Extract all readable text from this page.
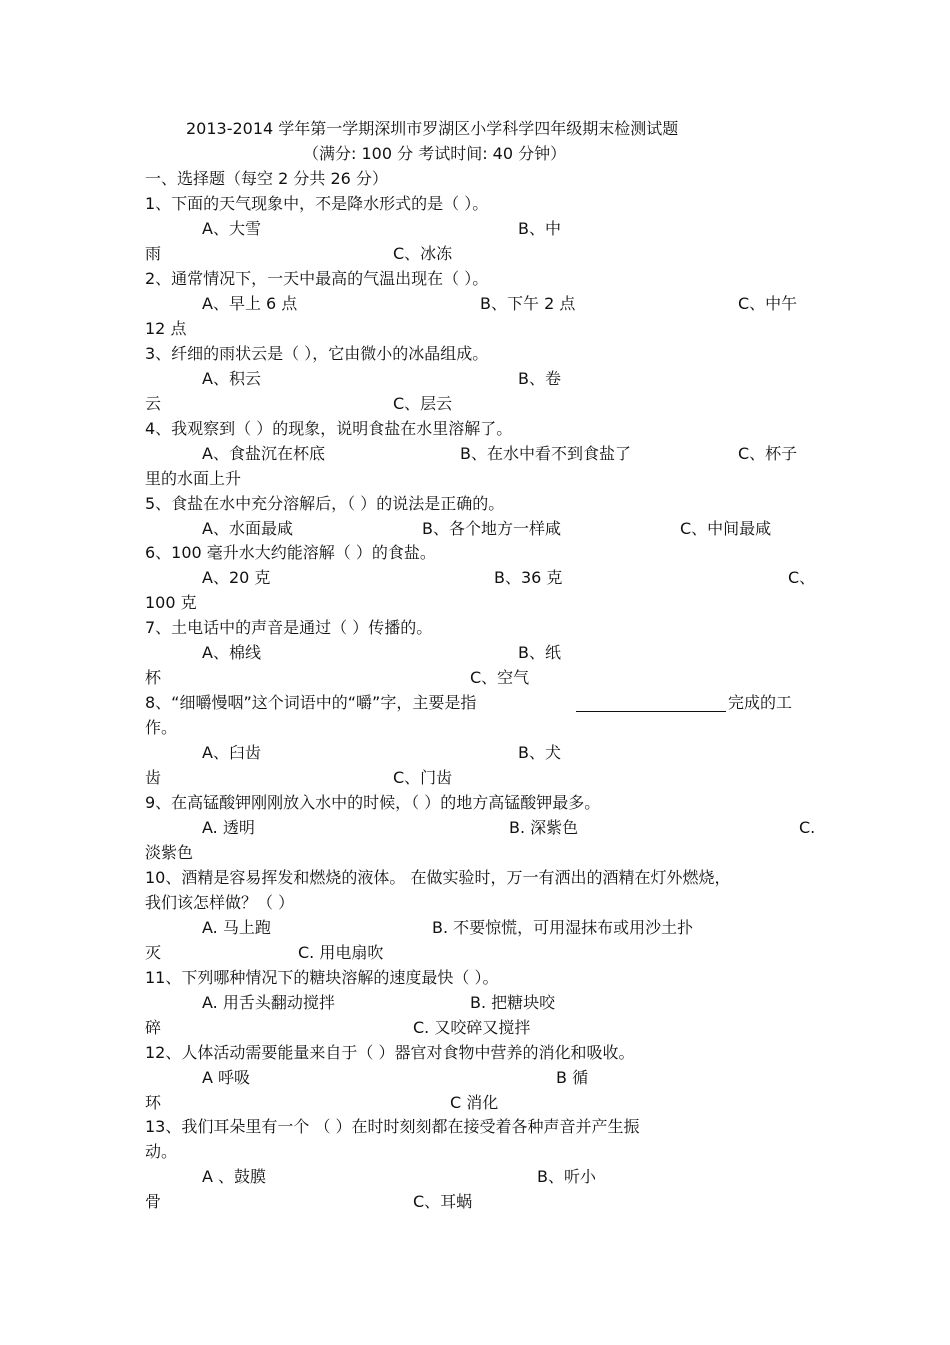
2013-2014 学年第一学期深圳市罗湖区小学科学四年级期末检测试题
（满分: 100 分 考试时间: 40 分钟）
一、选择题（每空 2 分共 26 分）
1、下面的天气现象中，不是降水形式的是（ ）。
A、大雪	B、中
雨	C、冰冻
2、通常情况下，一天中最高的气温出现在（ ）。
A、早上 6 点	B、下午 2 点	C、中午
12 点
3、纤细的雨状云是（ ），它由微小的冰晶组成。
A、积云	B、卷
云	C、层云
4、我观察到（ ）的现象，说明食盐在水里溶解了。
A、食盐沉在杯底	B、在水中看不到食盐了	C、杯子
里的水面上升
5、食盐在水中充分溶解后，（ ）的说法是正确的。
A、水面最咸	B、各个地方一样咸	C、中间最咸
6、100 毫升水大约能溶解（ ）的食盐。
A、20 克	B、36 克	C、
100 克
7、土电话中的声音是通过（ ）传播的。
A、棉线	B、纸
杯	C、空气
8、“细嚼慢咽”这个词语中的“嚼”字，主要是指	完成的工
作。
A、臼齿	B、犬
齿	C、门齿
9、在高锰酸钾刚刚放入水中的时候，（ ）的地方高锰酸钾最多。
A. 透明	B. 深紫色	C.
淡紫色
10、酒精是容易挥发和燃烧的液体。 在做实验时，万一有洒出的酒精在灯外燃烧，
我们该怎样做？（ ）
A. 马上跑	B. 不要惊慌，可用湿抹布或用沙土扑
灭	C. 用电扇吹
11、下列哪种情况下的糖块溶解的速度最快（ ）。
A. 用舌头翻动搅拌	B. 把糖块咬
碎	C. 又咬碎又搅拌
12、人体活动需要能量来自于（ ）器官对食物中营养的消化和吸收。
A 呼吸	B 循
环	C 消化
13、我们耳朵里有一个 （ ）在时时刻刻都在接受着各种声音并产生振
动。
A 、鼓膜	B、听小
骨	C、耳蜗
